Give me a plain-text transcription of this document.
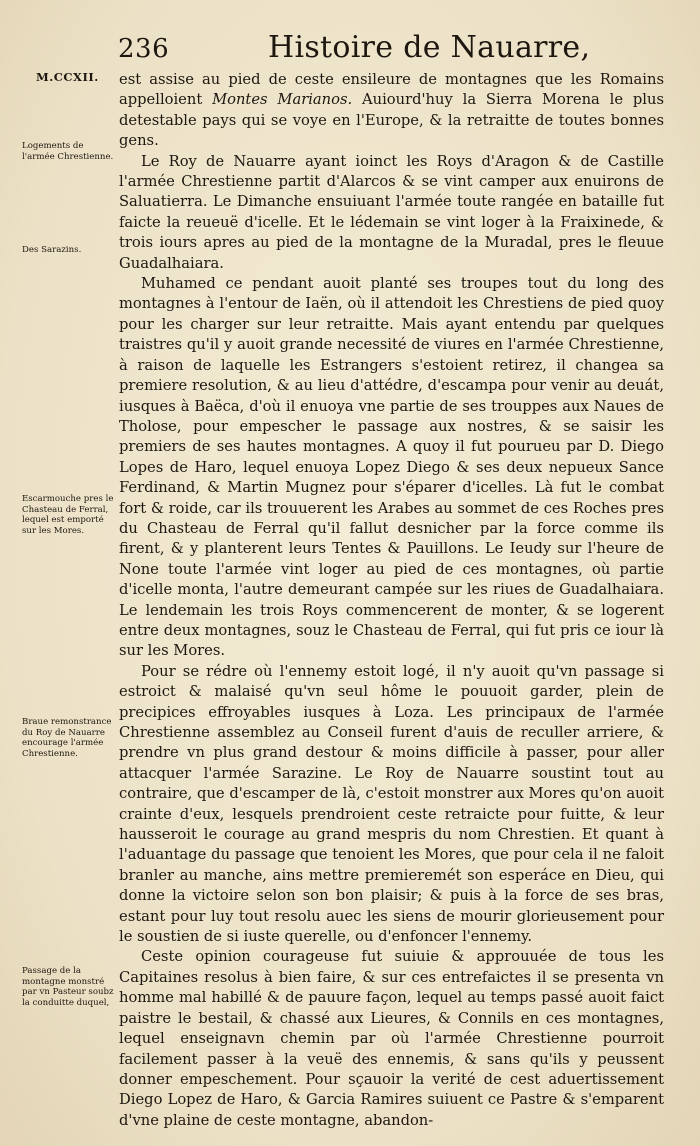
236	Histoire de Nauarre,
M.CCXII.
Logements de l'armée Chrestienne.
Des Sarazins.
Escarmouche pres le Chasteau de Ferral, lequel est emporté sur les Mores.
Braue remonstrance du Roy de Nauarre encourage l'armée Chrestienne.
Passage de la montagne monstré par vn Pasteur soubz la conduitte duquel,

est assise au pied de ceste ensileure de montagnes que les Romains appelloient Montes Marianos. Auiourd'huy la Sierra Morena le plus detestable pays qui se voye en l'Europe, & la retraitte de toutes bonnes gens.

Le Roy de Nauarre ayant ioinct les Roys d'Aragon & de Castille l'armée Chrestienne partit d'Alarcos & se vint camper aux enuirons de Saluatierra. Le Dimanche ensuiuant l'armée toute rangée en bataille fut faicte la reueuë d'icelle. Et le lédemain se vint loger à la Fraixinede, & trois iours apres au pied de la montagne de la Muradal, pres le fleuue Guadalhaiara.

Muhamed ce pendant auoit planté ses troupes tout du long des montagnes à l'entour de Iaën, où il attendoit les Chrestiens de pied quoy pour les charger sur leur retraitte. Mais ayant entendu par quelques traistres qu'il y auoit grande necessité de viures en l'armée Chrestienne, à raison de laquelle les Estrangers s'estoient retirez, il changea sa premiere resolution, & au lieu d'attédre, d'escampa pour venir au deuát, iusques à Baëca, d'où il enuoya vne partie de ses trouppes aux Naues de Tholose, pour empescher le passage aux nostres, & se saisir les premiers de ses hautes montagnes. A quoy il fut pourueu par D. Diego Lopes de Haro, lequel enuoya Lopez Diego & ses deux nepueux Sance Ferdinand, & Martin Mugnez pour s'éparer d'icelles. Là fut le combat fort & roide, car ils trouuerent les Arabes au sommet de ces Roches pres du Chasteau de Ferral qu'il fallut desnicher par la force comme ils firent, & y planterent leurs Tentes & Pauillons. Le Ieudy sur l'heure de None toute l'armée vint loger au pied de ces montagnes, où partie d'icelle monta, l'autre demeurant campée sur les riues de Guadalhaiara. Le lendemain les trois Roys commencerent de monter, & se logerent entre deux montagnes, souz le Chasteau de Ferral, qui fut pris ce iour là sur les Mores.

Pour se rédre où l'ennemy estoit logé, il n'y auoit qu'vn passage si estroict & malaisé qu'vn seul hôme le pouuoit garder, plein de precipices effroyables iusques à Loza. Les principaux de l'armée Chrestienne assemblez au Conseil furent d'auis de reculler arriere, & prendre vn plus grand destour & moins difficile à passer, pour aller attacquer l'armée Sarazine. Le Roy de Nauarre soustint tout au contraire, que d'escamper de là, c'estoit monstrer aux Mores qu'on auoit crainte d'eux, lesquels prendroient ceste retraicte pour fuitte, & leur hausseroit le courage au grand mespris du nom Chrestien. Et quant à l'aduantage du passage que tenoient les Mores, que pour cela il ne faloit branler au manche, ains mettre premieremét son esperáce en Dieu, qui donne la victoire selon son bon plaisir; & puis à la force de ses bras, estant pour luy tout resolu auec les siens de mourir glorieusement pour le soustien de si iuste querelle, ou d'enfoncer l'ennemy.

Ceste opinion courageuse fut suiuie & approuuée de tous les Capitaines resolus à bien faire, & sur ces entrefaictes il se presenta vn homme mal habillé & de pauure façon, lequel au temps passé auoit faict paistre le bestail, & chassé aux Lieures, & Connils en ces montagnes, lequel enseignavn chemin par où l'armée Chrestienne pourroit facilement passer à la veuë des ennemis, & sans qu'ils y peussent donner empeschement. Pour sçauoir la verité de cest aduertissement Diego Lopez de Haro, & Garcia Ramires suiuent ce Pastre & s'emparent d'vne plaine de ceste montagne, abandon-
